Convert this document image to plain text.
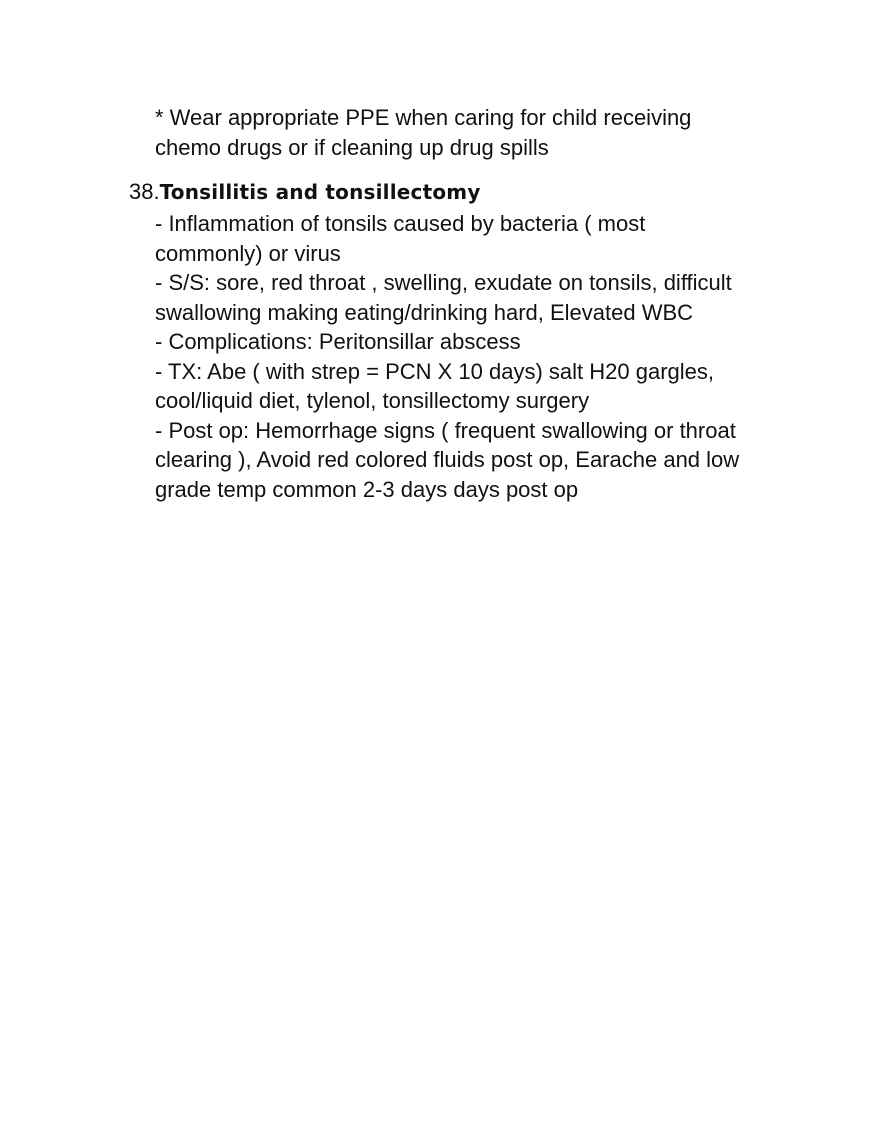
* Wear appropriate PPE when caring for child receiving
chemo drugs or if cleaning up drug spills
38.Tonsillitis and tonsillectomy
- Inflammation of tonsils caused by bacteria ( most
commonly) or virus
- S/S: sore, red throat , swelling, exudate on tonsils, difficult
swallowing making eating/drinking hard, Elevated WBC
- Complications: Peritonsillar abscess
- TX: Abe ( with strep = PCN X 10 days) salt H20 gargles,
cool/liquid diet, tylenol, tonsillectomy surgery
- Post op: Hemorrhage signs ( frequent swallowing or throat
clearing ), Avoid red colored fluids post op, Earache and low
grade temp common 2-3 days days post op
